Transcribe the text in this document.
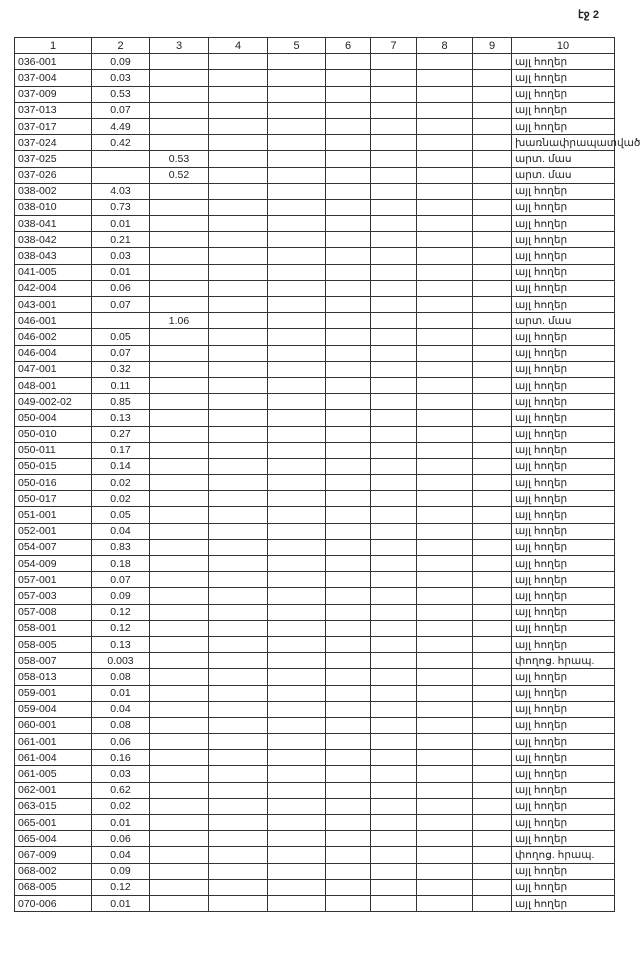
էջ 2
1	2	3	4	5	6	7	8	9	10
036-001	0.09								այլ հողեր
037-004	0.03								այլ հողեր
037-009	0.53								այլ հողեր
037-013	0.07								այլ հողեր
037-017	4.49								այլ հողեր
037-024	0.42								խառնափրապատված
037-025		0.53							արտ. մաս
037-026		0.52							արտ. մաս
038-002	4.03								այլ հողեր
038-010	0.73								այլ հողեր
038-041	0.01								այլ հողեր
038-042	0.21								այլ հողեր
038-043	0.03								այլ հողեր
041-005	0.01								այլ հողեր
042-004	0.06								այլ հողեր
043-001	0.07								այլ հողեր
046-001		1.06							արտ. մաս
046-002	0.05								այլ հողեր
046-004	0.07								այլ հողեր
047-001	0.32								այլ հողեր
048-001	0.11								այլ հողեր
049-002-02	0.85								այլ հողեր
050-004	0.13								այլ հողեր
050-010	0.27								այլ հողեր
050-011	0.17								այլ հողեր
050-015	0.14								այլ հողեր
050-016	0.02								այլ հողեր
050-017	0.02								այլ հողեր
051-001	0.05								այլ հողեր
052-001	0.04								այլ հողեր
054-007	0.83								այլ հողեր
054-009	0.18								այլ հողեր
057-001	0.07								այլ հողեր
057-003	0.09								այլ հողեր
057-008	0.12								այլ հողեր
058-001	0.12								այլ հողեր
058-005	0.13								այլ հողեր
058-007	0.003								փողոց. հրապ.
058-013	0.08								այլ հողեր
059-001	0.01								այլ հողեր
059-004	0.04								այլ հողեր
060-001	0.08								այլ հողեր
061-001	0.06								այլ հողեր
061-004	0.16								այլ հողեր
061-005	0.03								այլ հողեր
062-001	0.62								այլ հողեր
063-015	0.02								այլ հողեր
065-001	0.01								այլ հողեր
065-004	0.06								այլ հողեր
067-009	0.04								փողոց. հրապ.
068-002	0.09								այլ հողեր
068-005	0.12								այլ հողեր
070-006	0.01								այլ հողեր
